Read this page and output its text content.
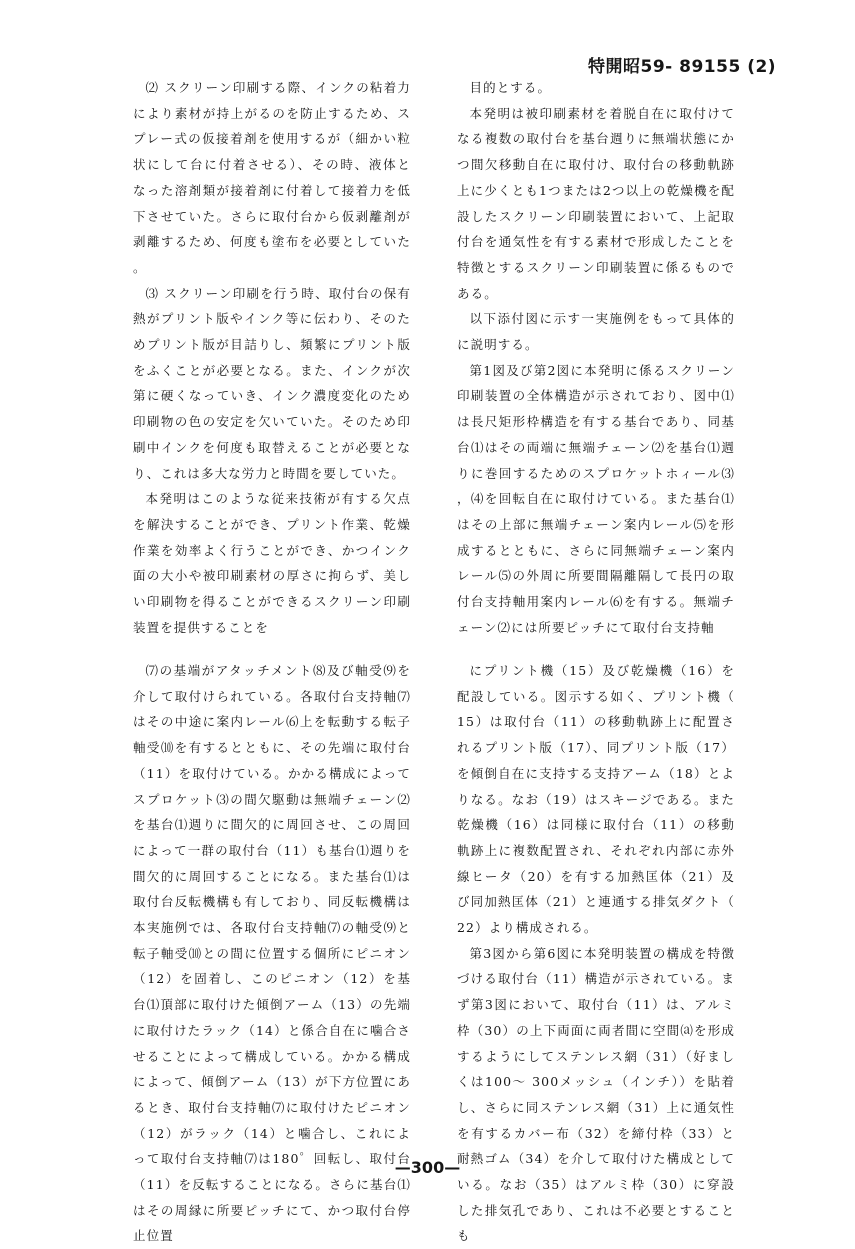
特開昭59- 89155 (2)

⑵ スクリーン印刷する際、インクの粘着力により素材が持上がるのを防止するため、スプレー式の仮接着剤を使用するが（細かい粒状にして台に付着させる）、その時、液体となった溶剤類が接着剤に付着して接着力を低下させていた。さらに取付台から仮剥離剤が剥離するため、何度も塗布を必要としていた。

⑶ スクリーン印刷を行う時、取付台の保有熱がプリント版やインク等に伝わり、そのためプリント版が目詰りし、頻繁にプリント版をふくことが必要となる。また、インクが次第に硬くなっていき、インク濃度変化のため印刷物の色の安定を欠いていた。そのため印刷中インクを何度も取替えることが必要となり、これは多大な労力と時間を要していた。

本発明はこのような従来技術が有する欠点を解決することができ、プリント作業、乾燥作業を効率よく行うことができ、かつインク面の大小や被印刷素材の厚さに拘らず、美しい印刷物を得ることができるスクリーン印刷装置を提供することを

目的とする。

本発明は被印刷素材を着脱自在に取付けてなる複数の取付台を基台週りに無端状態にかつ間欠移動自在に取付け、取付台の移動軌跡上に少くとも1つまたは2つ以上の乾燥機を配設したスクリーン印刷装置において、上記取付台を通気性を有する素材で形成したことを特徴とするスクリーン印刷装置に係るものである。

以下添付図に示す一実施例をもって具体的に説明する。

第1図及び第2図に本発明に係るスクリーン印刷装置の全体構造が示されており、図中⑴は長尺矩形枠構造を有する基台であり、同基台⑴はその両端に無端チェーン⑵を基台⑴週りに巻回するためのスプロケットホィール⑶，⑷を回転自在に取付けている。また基台⑴はその上部に無端チェーン案内レール⑸を形成するとともに、さらに同無端チェーン案内レール⑸の外周に所要間隔離隔して長円の取付台支持軸用案内レール⑹を有する。無端チェーン⑵には所要ピッチにて取付台支持軸

⑺の基端がアタッチメント⑻及び軸受⑼を介して取付けられている。各取付台支持軸⑺はその中途に案内レール⑹上を転動する転子軸受⑽を有するとともに、その先端に取付台（11）を取付けている。かかる構成によってスプロケット⑶の間欠駆動は無端チェーン⑵を基台⑴週りに間欠的に周回させ、この周回によって一群の取付台（11）も基台⑴週りを間欠的に周回することになる。また基台⑴は取付台反転機構も有しており、同反転機構は本実施例では、各取付台支持軸⑺の軸受⑼と転子軸受⑽との間に位置する個所にピニオン（12）を固着し、このピニオン（12）を基台⑴頂部に取付けた傾倒アーム（13）の先端に取付けたラック（14）と係合自在に噛合させることによって構成している。かかる構成によって、傾倒アーム（13）が下方位置にあるとき、取付台支持軸⑺に取付けたピニオン（12）がラック（14）と噛合し、これによって取付台支持軸⑺は180゜回転し、取付台（11）を反転することになる。さらに基台⑴はその周縁に所要ピッチにて、かつ取付台停止位置

にプリント機（15）及び乾燥機（16）を配設している。図示する如く、プリント機（15）は取付台（11）の移動軌跡上に配置されるプリント版（17）、同プリント版（17）を傾倒自在に支持する支持アーム（18）とよりなる。なお（19）はスキージである。また乾燥機（16）は同様に取付台（11）の移動軌跡上に複数配置され、それぞれ内部に赤外線ヒータ（20）を有する加熱匡体（21）及び同加熱匡体（21）と連通する排気ダクト（22）より構成される。

第3図から第6図に本発明装置の構成を特徴づける取付台（11）構造が示されている。まず第3図において、取付台（11）は、アルミ枠（30）の上下両面に両者間に空間⒜を形成するようにしてステンレス網（31）（好ましくは100～ 300メッシュ（インチ））を貼着し、さらに同ステンレス網（31）上に通気性を有するカバー布（32）を締付枠（33）と耐熱ゴム（34）を介して取付けた構成としている。なお（35）はアルミ枠（30）に穿設した排気孔であり、これは不必要とすることも

—300—
